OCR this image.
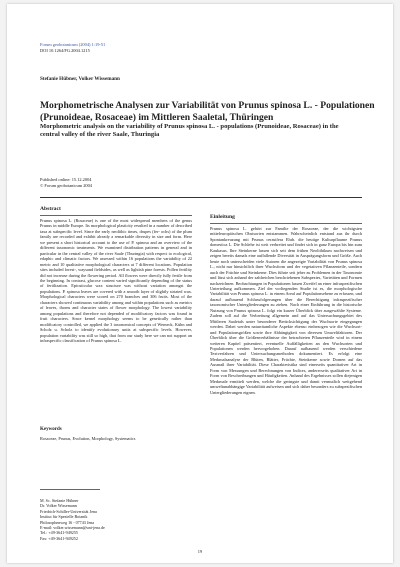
Forum geobotanicum (2004) 1:19-51
DOI 10.1264/FG.2004.1215
Stefanie Hübner, Volker Wissemann

Morphometrische Analysen zur Variabilität von Prunus spinosa L. - Populationen

(Prunoideae, Rosaceae) im Mittleren Saaletal, Thüringen

Morphometric analysis on the variability of Prunus spinosa L. - populations (Prunoideae, Rosaceae) in the

central valley of the river Saale, Thuringia

Published online: 15.12.2004
© Forum geobotanicum 2004
Abstract

Prunus spinosa L. (Rosaceae) is one of the most widespread members of the genus Prunus in middle Europe. Its morphological plasticity resulted in a number of described taxa at subspecific level. Since the early neolithic times, drupes (fer- ochs) of the plum family are recorded and exhibit already a remarkable diversity in size and form. Here we present a short historical account to the use of P. spinosa and an overview of the different taxonomic treatments. We examined distribution patterns in general and in particular in the central valley of the river Saale (Thuringia) with respect to ecological, edaphic and climatic factors. We assessed within 16 populations the variability of 22 metric and 10 qualitative morphological characters at 7 different locations. Population sites included forest-, waysand fieldsides, as well as lightish pine forests. Pollen fertility did not increase during the flowering period. All flowers were directly fully fertile from the beginning. In contrast, glucose content varied significantly depending of the status of fertilization. Epicuticular wax structure was without variation amongst the populations. P. spinosa leaves are covered with a smooth layer of slightly striated wax. Morphological characters were scored on 270 branches and 306 fruits. Most of the characters showed continuous variability among and within populations such as metrics of leaves, thorns and character states of flower morphology. The lowest variability among populations and therefore not depended of modificatory factors was found in fruit characters. Since kernel morphology seems to be genetically rather than modificatory controlled, we applied the 3 taxonomical concepts of Werneck, Kühn and Scholz u. Scholz to identify evolutionary units at subspecific levels. However, population variability was still so high, that from our study here we can not support an infraspecific classification of Prunus spinosa L.

Keywords
Rosaceae, Prunus, Evolution, Morphology, Systematics
M. Sc. Stefanie Hübner
Dr. Volker Wissemann
Friedrich-Schiller-Universität Jena
Institut für Spezielle Botanik
Philosophenweg 16 - 07743 Jena
E-mail: volker.wissemann@uni-jena.de
Tel.: +49-3641-949255
Fax: +49-3641-949252
Einleitung

Prunus spinosa L. gehört zur Familie der Rosaceae, der die wichtigsten mitteleuropäischen Obstsorten entstammen. Wahrscheinlich entstand aus ihr durch Spontankreuzung mit Prunus cerasifera Ehrh. die heutige Kulturpflaume Prunus domestica L. Die Schlehe ist weit verbreitet und findet sich in ganz Europa bis hin zum Kaukasus. Ihre Steinkerne lassen sich seit dem frühen Neolithikum nachweisen und zeigen bereits damals eine auffallende Diversität in Ausprägungsform und Größe. Auch heute noch unterscheiden viele Autoren die angezeigte Variabilität von Prunus spinosa L., nicht nur hinsichtlich ihrer Wuchsform und der vegetativen Pflanzenteile, sondern auch der Früchte und Steinkerne. Dies führte seit jeher zu Problemen in der Taxonomie und lässt sich anhand der zahlreichen beschriebenen Subspezies, Varietäten und Formen nachzeichnen. Beobachtungen in Populationen lassen Zweifel an einer infraspezifischen Unterteilung aufkommen. Ziel der vorliegenden Studie ist es, die morphologische Variabilität von Prunus spinosa L. in einem Areal auf Populationsebene zu erfassen, und darauf aufbauend Schlussfolgerungen über die Berechtigung infraspezifischer taxonomischer Untergliederungen zu ziehen. Nach einer Einführung in die historische Nutzung von Prunus spinosa L. folgt ein kurzer Überblick über ausgewählte Systeme. Zudem soll auf die Verbreitung allgemein und auf das Untersuchungsgebiet des Mittleren Saaletals unter besonderer Berücksichtigung der Wuchsorte eingegangen werden. Dabei werden naturräumliche Aspekte ebenso einbezogen wie die Wuchsort- und Populationsgrößen sowie ihre Abhängigkeit von diversen Umweltfaktoren. Der Überblick über die Größenverhältnisse der betrachteten Pflanzenteile wird in einem weiteren Kapitel präsentiert, eventuelle Auffälligkeiten an den Wuchsorten und Populationen werden hervorgehoben. Darauf aufbauend werden verschiedene Textverfahren und Untersuchungsmethoden dokumentiert. Es erfolgt eine Merkmalsanalyse der Blüten, Blätter, Früchte, Steinkerne sowie Dornen auf das Ausmaß ihrer Variabilität. Diese Charakteristika sind einerseits quantitativer Art in Form von Messungen und Berechnungen von Indices, andererseits qualitativer Art in Form von Beschreibungen und Häufigkeiten. Anhand des Ergebnisses sollen diejenigen Merkmale ermittelt werden, welche die geringste und damit vermutlich weitgehend umweltunabhängige Variabilität aufweisen und sich daher besonders zu subspezifischen Untergliederungen eignen.

19
